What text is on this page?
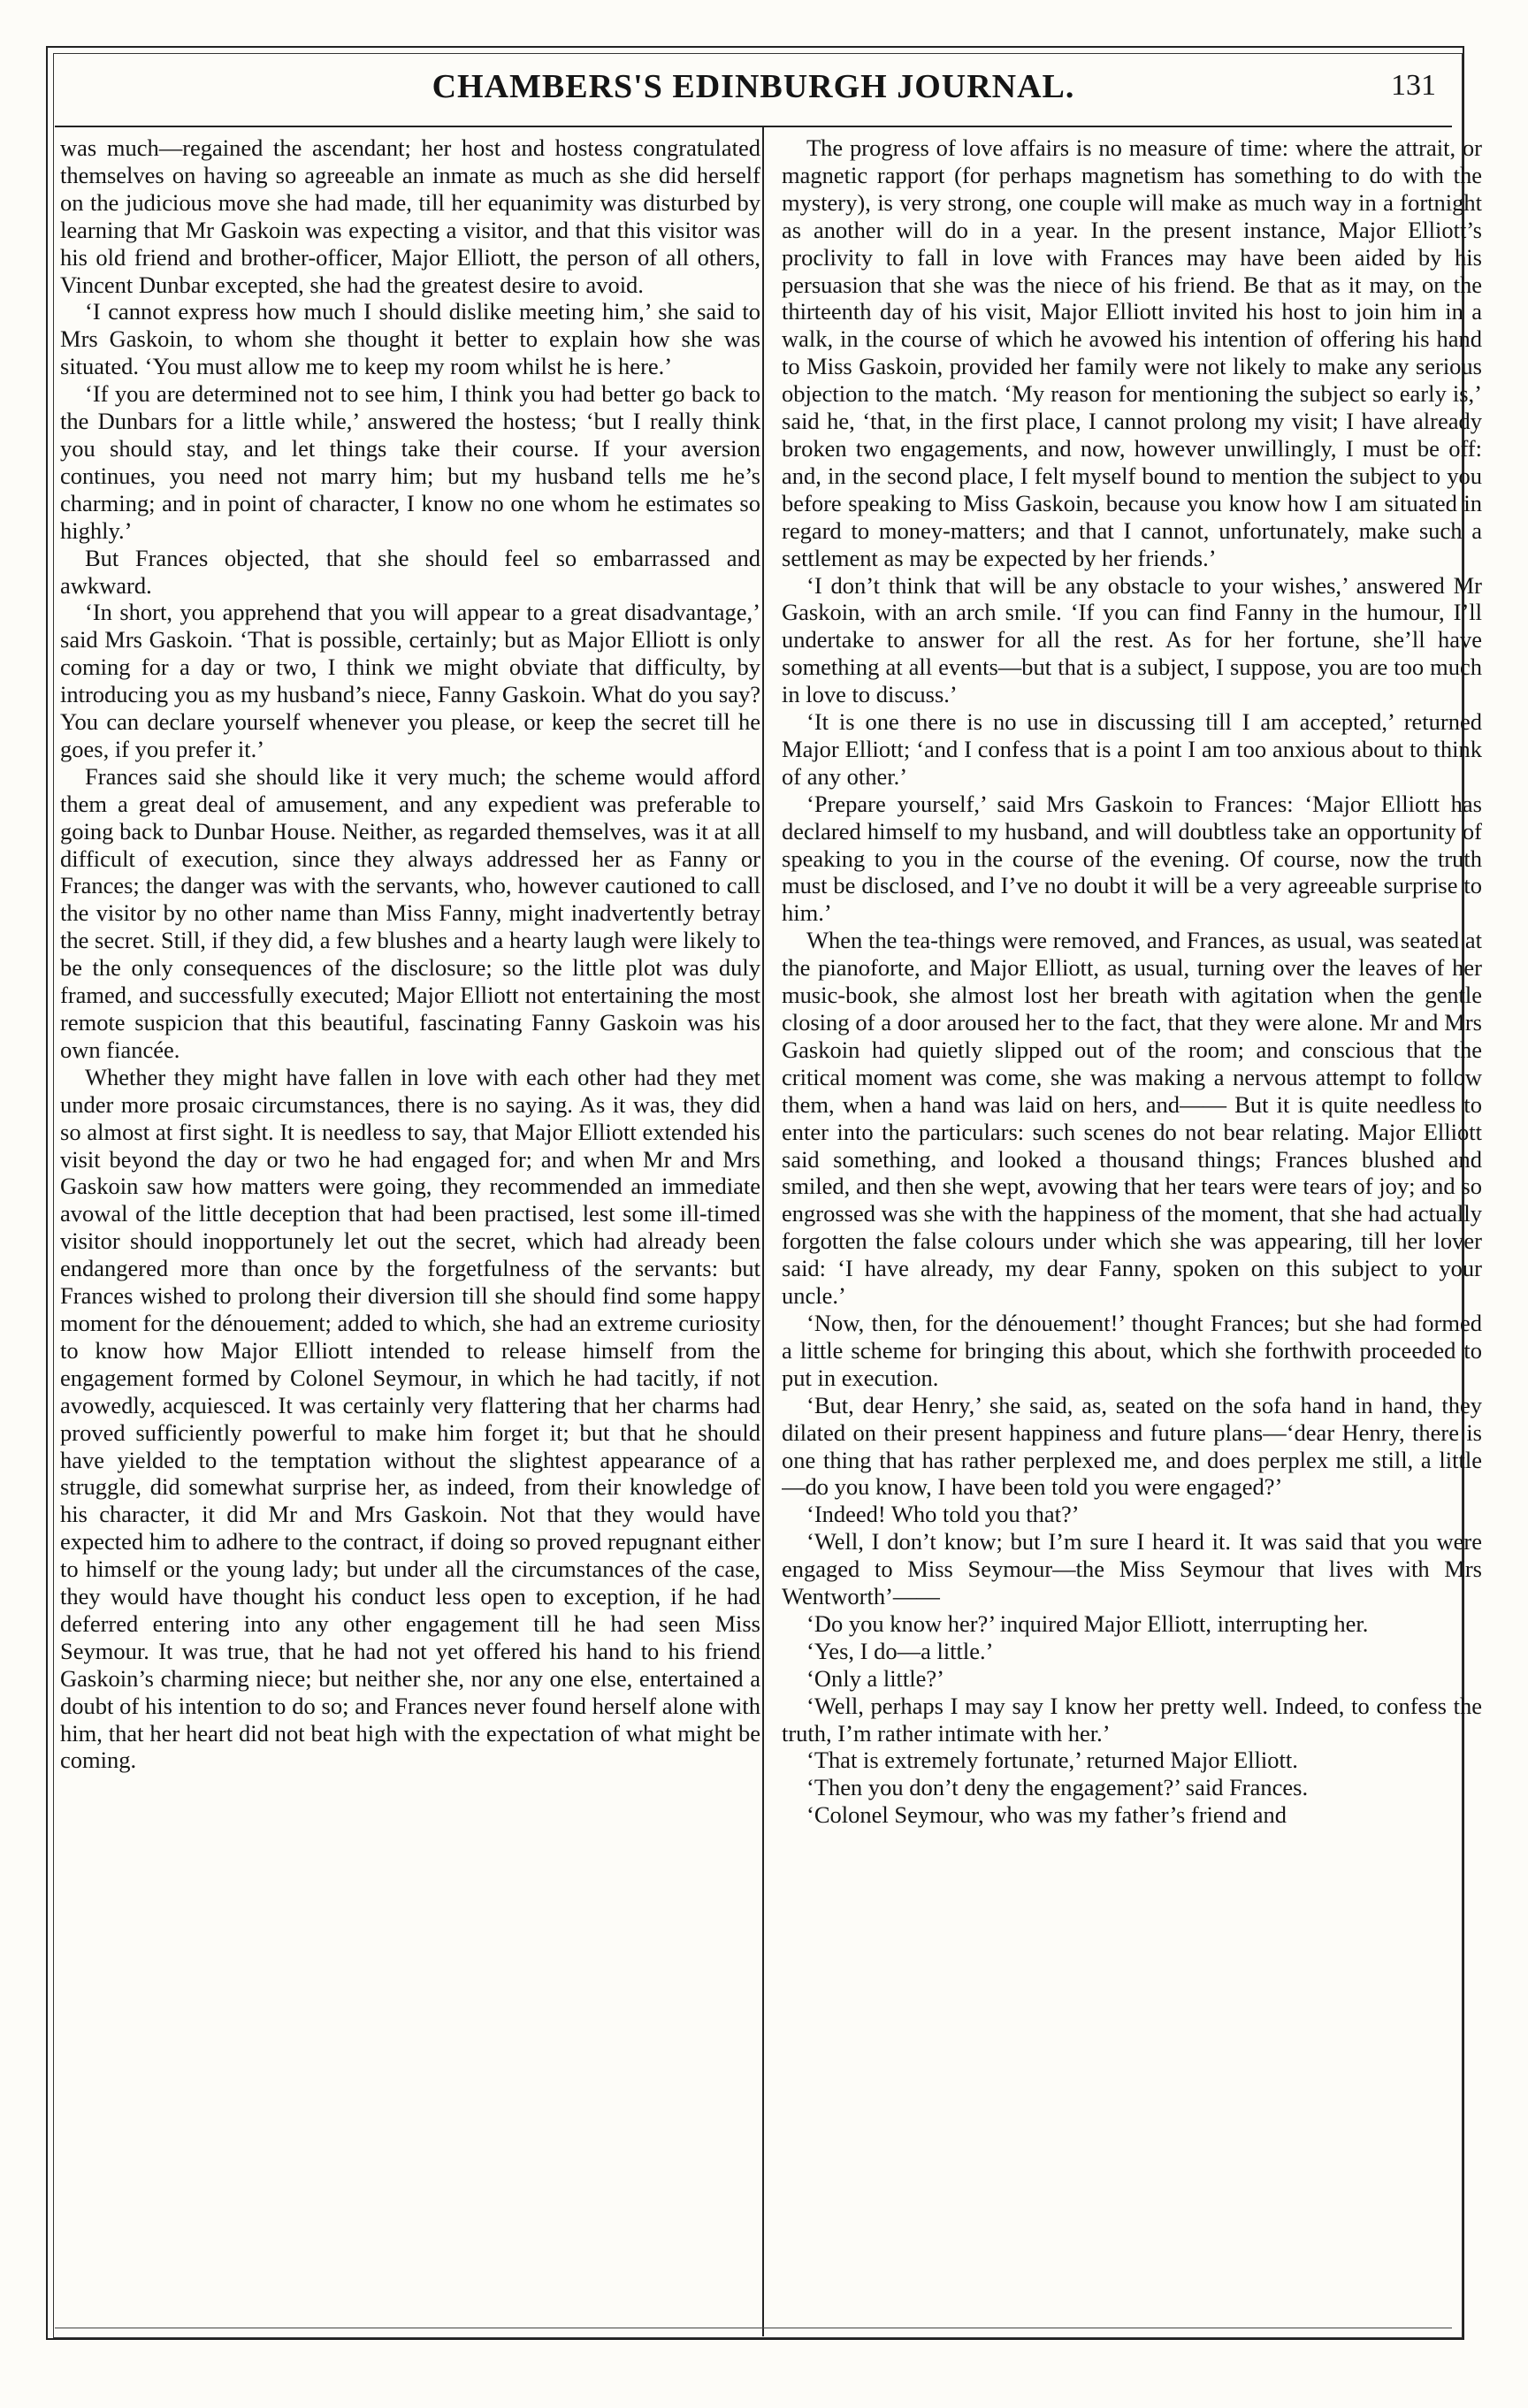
CHAMBERS'S EDINBURGH JOURNAL.	131

was much—regained the ascendant; her host and hostess congratulated themselves on having so agreeable an inmate as much as she did herself on the judicious move she had made, till her equanimity was disturbed by learning that Mr Gaskoin was expecting a visitor, and that this visitor was his old friend and brother-officer, Major Elliott, the person of all others, Vincent Dunbar excepted, she had the greatest desire to avoid.

‘I cannot express how much I should dislike meeting him,’ she said to Mrs Gaskoin, to whom she thought it better to explain how she was situated. ‘You must allow me to keep my room whilst he is here.’

‘If you are determined not to see him, I think you had better go back to the Dunbars for a little while,’ answered the hostess; ‘but I really think you should stay, and let things take their course. If your aversion continues, you need not marry him; but my husband tells me he’s charming; and in point of character, I know no one whom he estimates so highly.’

But Frances objected, that she should feel so embarrassed and awkward.

‘In short, you apprehend that you will appear to a great disadvantage,’ said Mrs Gaskoin. ‘That is possible, certainly; but as Major Elliott is only coming for a day or two, I think we might obviate that difficulty, by introducing you as my husband’s niece, Fanny Gaskoin. What do you say? You can declare yourself whenever you please, or keep the secret till he goes, if you prefer it.’

Frances said she should like it very much; the scheme would afford them a great deal of amusement, and any expedient was preferable to going back to Dunbar House. Neither, as regarded themselves, was it at all difficult of execution, since they always addressed her as Fanny or Frances; the danger was with the servants, who, however cautioned to call the visitor by no other name than Miss Fanny, might inadvertently betray the secret. Still, if they did, a few blushes and a hearty laugh were likely to be the only consequences of the disclosure; so the little plot was duly framed, and successfully executed; Major Elliott not entertaining the most remote suspicion that this beautiful, fascinating Fanny Gaskoin was his own fiancée.

Whether they might have fallen in love with each other had they met under more prosaic circumstances, there is no saying. As it was, they did so almost at first sight. It is needless to say, that Major Elliott extended his visit beyond the day or two he had engaged for; and when Mr and Mrs Gaskoin saw how matters were going, they recommended an immediate avowal of the little deception that had been practised, lest some ill-timed visitor should inopportunely let out the secret, which had already been endangered more than once by the forgetfulness of the servants: but Frances wished to prolong their diversion till she should find some happy moment for the dénouement; added to which, she had an extreme curiosity to know how Major Elliott intended to release himself from the engagement formed by Colonel Seymour, in which he had tacitly, if not avowedly, acquiesced. It was certainly very flattering that her charms had proved sufficiently powerful to make him forget it; but that he should have yielded to the temptation without the slightest appearance of a struggle, did somewhat surprise her, as indeed, from their knowledge of his character, it did Mr and Mrs Gaskoin. Not that they would have expected him to adhere to the contract, if doing so proved repugnant either to himself or the young lady; but under all the circumstances of the case, they would have thought his conduct less open to exception, if he had deferred entering into any other engagement till he had seen Miss Seymour. It was true, that he had not yet offered his hand to his friend Gaskoin’s charming niece; but neither she, nor any one else, entertained a doubt of his intention to do so; and Frances never found herself alone with him, that her heart did not beat high with the expectation of what might be coming.

The progress of love affairs is no measure of time: where the attrait, or magnetic rapport (for perhaps magnetism has something to do with the mystery), is very strong, one couple will make as much way in a fortnight as another will do in a year. In the present instance, Major Elliott’s proclivity to fall in love with Frances may have been aided by his persuasion that she was the niece of his friend. Be that as it may, on the thirteenth day of his visit, Major Elliott invited his host to join him in a walk, in the course of which he avowed his intention of offering his hand to Miss Gaskoin, provided her family were not likely to make any serious objection to the match. ‘My reason for mentioning the subject so early is,’ said he, ‘that, in the first place, I cannot prolong my visit; I have already broken two engagements, and now, however unwillingly, I must be off: and, in the second place, I felt myself bound to mention the subject to you before speaking to Miss Gaskoin, because you know how I am situated in regard to money-matters; and that I cannot, unfortunately, make such a settlement as may be expected by her friends.’

‘I don’t think that will be any obstacle to your wishes,’ answered Mr Gaskoin, with an arch smile. ‘If you can find Fanny in the humour, I’ll undertake to answer for all the rest. As for her fortune, she’ll have something at all events—but that is a subject, I suppose, you are too much in love to discuss.’

‘It is one there is no use in discussing till I am accepted,’ returned Major Elliott; ‘and I confess that is a point I am too anxious about to think of any other.’

‘Prepare yourself,’ said Mrs Gaskoin to Frances: ‘Major Elliott has declared himself to my husband, and will doubtless take an opportunity of speaking to you in the course of the evening. Of course, now the truth must be disclosed, and I’ve no doubt it will be a very agreeable surprise to him.’

When the tea-things were removed, and Frances, as usual, was seated at the pianoforte, and Major Elliott, as usual, turning over the leaves of her music-book, she almost lost her breath with agitation when the gentle closing of a door aroused her to the fact, that they were alone. Mr and Mrs Gaskoin had quietly slipped out of the room; and conscious that the critical moment was come, she was making a nervous attempt to follow them, when a hand was laid on hers, and—— But it is quite needless to enter into the particulars: such scenes do not bear relating. Major Elliott said something, and looked a thousand things; Frances blushed and smiled, and then she wept, avowing that her tears were tears of joy; and so engrossed was she with the happiness of the moment, that she had actually forgotten the false colours under which she was appearing, till her lover said: ‘I have already, my dear Fanny, spoken on this subject to your uncle.’

‘Now, then, for the dénouement!’ thought Frances; but she had formed a little scheme for bringing this about, which she forthwith proceeded to put in execution.

‘But, dear Henry,’ she said, as, seated on the sofa hand in hand, they dilated on their present happiness and future plans—‘dear Henry, there is one thing that has rather perplexed me, and does perplex me still, a little —do you know, I have been told you were engaged?’

‘Indeed! Who told you that?’

‘Well, I don’t know; but I’m sure I heard it. It was said that you were engaged to Miss Seymour—the Miss Seymour that lives with Mrs Wentworth’——

‘Do you know her?’ inquired Major Elliott, interrupting her.

‘Yes, I do—a little.’

‘Only a little?’

‘Well, perhaps I may say I know her pretty well. Indeed, to confess the truth, I’m rather intimate with her.’

‘That is extremely fortunate,’ returned Major Elliott.

‘Then you don’t deny the engagement?’ said Frances.

‘Colonel Seymour, who was my father’s friend and
